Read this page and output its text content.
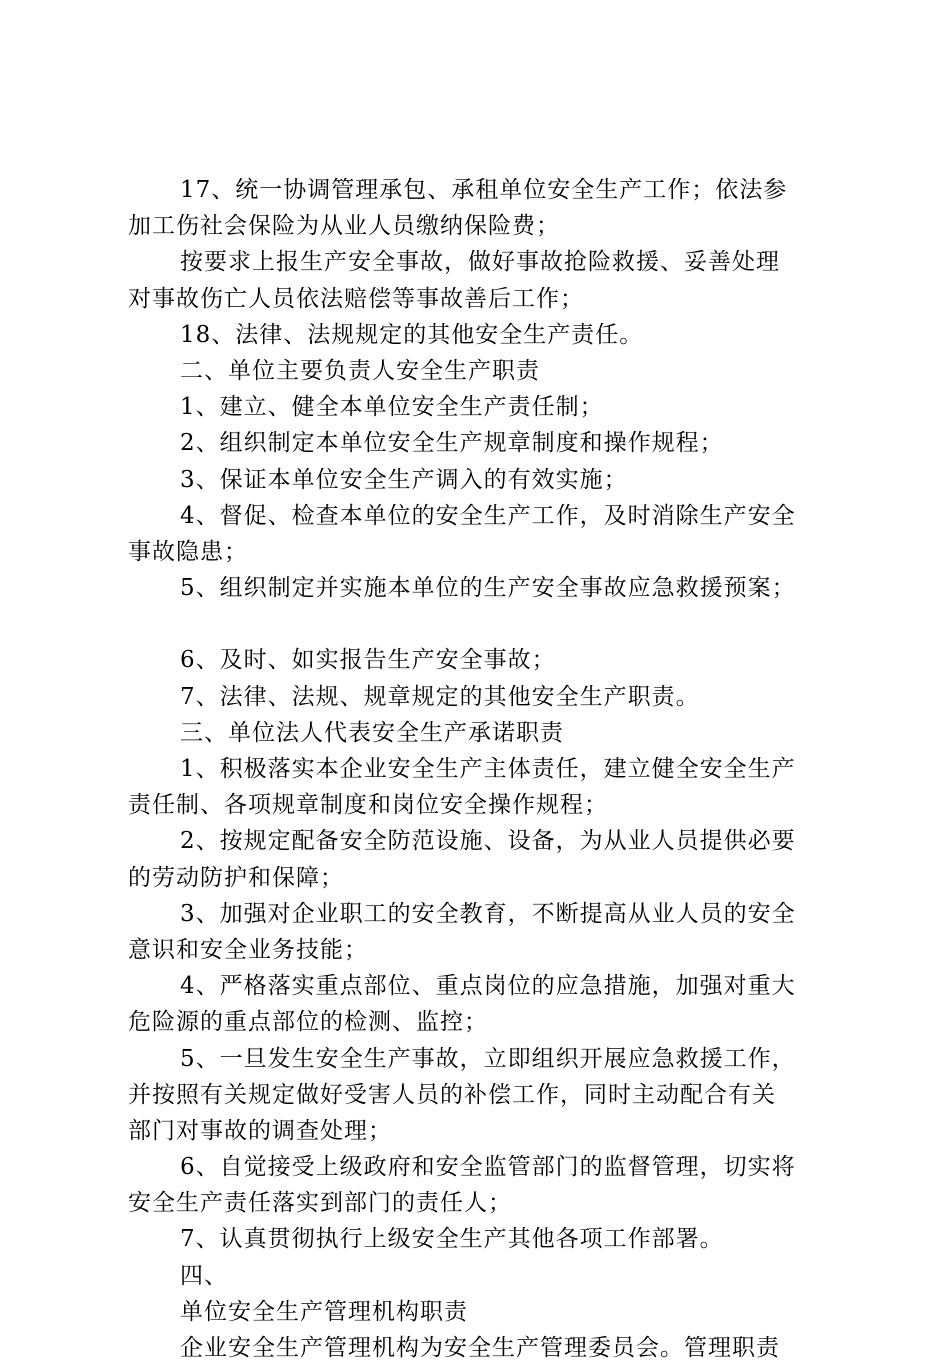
17、统一协调管理承包、承租单位安全生产工作；依法参
加工伤社会保险为从业人员缴纳保险费；
按要求上报生产安全事故，做好事故抢险救援、妥善处理
对事故伤亡人员依法赔偿等事故善后工作；
18、法律、法规规定的其他安全生产责任。
二、单位主要负责人安全生产职责
1、建立、健全本单位安全生产责任制；
2、组织制定本单位安全生产规章制度和操作规程；
3、保证本单位安全生产调入的有效实施；
4、督促、检查本单位的安全生产工作，及时消除生产安全
事故隐患；
5、组织制定并实施本单位的生产安全事故应急救援预案；
6、及时、如实报告生产安全事故；
7、法律、法规、规章规定的其他安全生产职责。
三、单位法人代表安全生产承诺职责
1、积极落实本企业安全生产主体责任，建立健全安全生产
责任制、各项规章制度和岗位安全操作规程；
2、按规定配备安全防范设施、设备，为从业人员提供必要
的劳动防护和保障；
3、加强对企业职工的安全教育，不断提高从业人员的安全
意识和安全业务技能；
4、严格落实重点部位、重点岗位的应急措施，加强对重大
危险源的重点部位的检测、监控；
5、一旦发生安全生产事故，立即组织开展应急救援工作，
并按照有关规定做好受害人员的补偿工作，同时主动配合有关
部门对事故的调查处理；
6、自觉接受上级政府和安全监管部门的监督管理，切实将
安全生产责任落实到部门的责任人；
7、认真贯彻执行上级安全生产其他各项工作部署。
四、
单位安全生产管理机构职责
企业安全生产管理机构为安全生产管理委员会。管理职责
